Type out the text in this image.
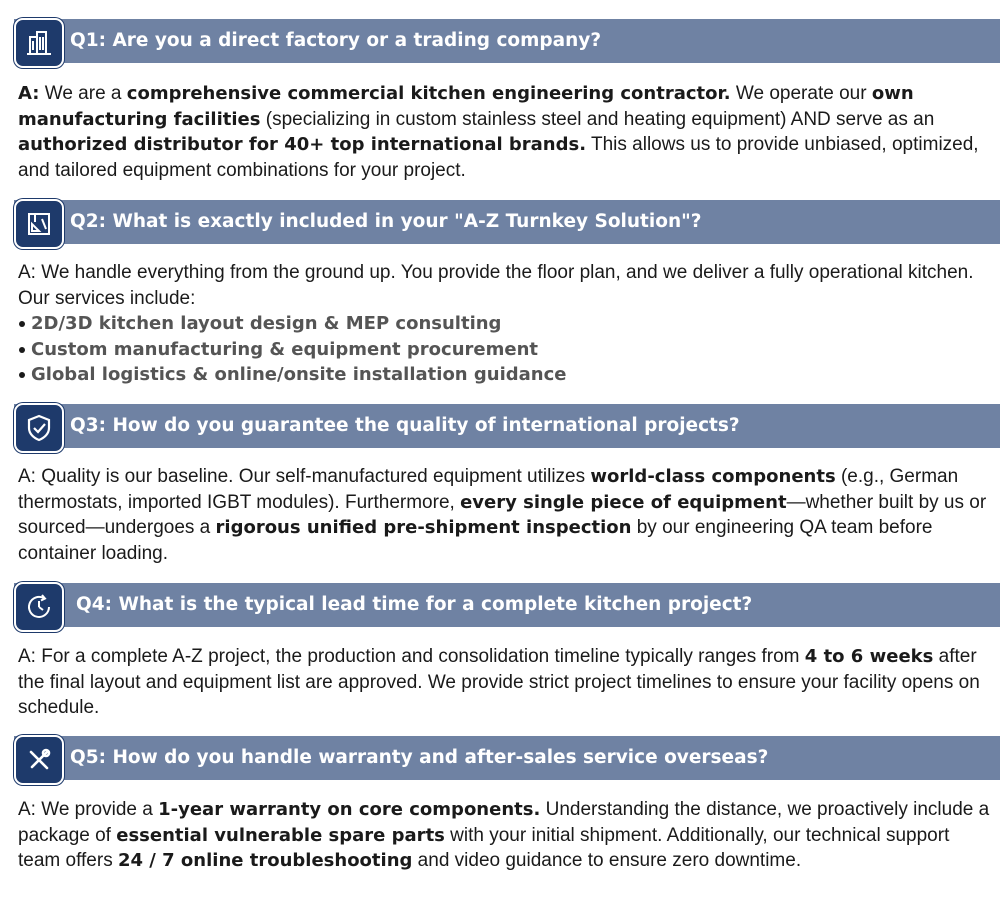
Q1: Are you a direct factory or a trading company?
A: We are a comprehensive commercial kitchen engineering contractor. We operate our own manufacturing facilities (specializing in custom stainless steel and heating equipment) AND serve as an authorized distributor for 40+ top international brands. This allows us to provide unbiased, optimized, and tailored equipment combinations for your project.
Q2: What is exactly included in your "A-Z Turnkey Solution"?
A: We handle everything from the ground up. You provide the floor plan, and we deliver a fully operational kitchen. Our services include:
2D/3D kitchen layout design & MEP consulting
Custom manufacturing & equipment procurement
Global logistics & online/onsite installation guidance
Q3: How do you guarantee the quality of international projects?
A: Quality is our baseline. Our self-manufactured equipment utilizes world-class components (e.g., German thermostats, imported IGBT modules). Furthermore, every single piece of equipment—whether built by us or sourced—undergoes a rigorous unified pre-shipment inspection by our engineering QA team before container loading.
Q4: What is the typical lead time for a complete kitchen project?
A: For a complete A-Z project, the production and consolidation timeline typically ranges from 4 to 6 weeks after the final layout and equipment list are approved. We provide strict project timelines to ensure your facility opens on schedule.
Q5: How do you handle warranty and after-sales service overseas?
A: We provide a 1-year warranty on core components. Understanding the distance, we proactively include a package of essential vulnerable spare parts with your initial shipment. Additionally, our technical support team offers 24 / 7 online troubleshooting and video guidance to ensure zero downtime.
